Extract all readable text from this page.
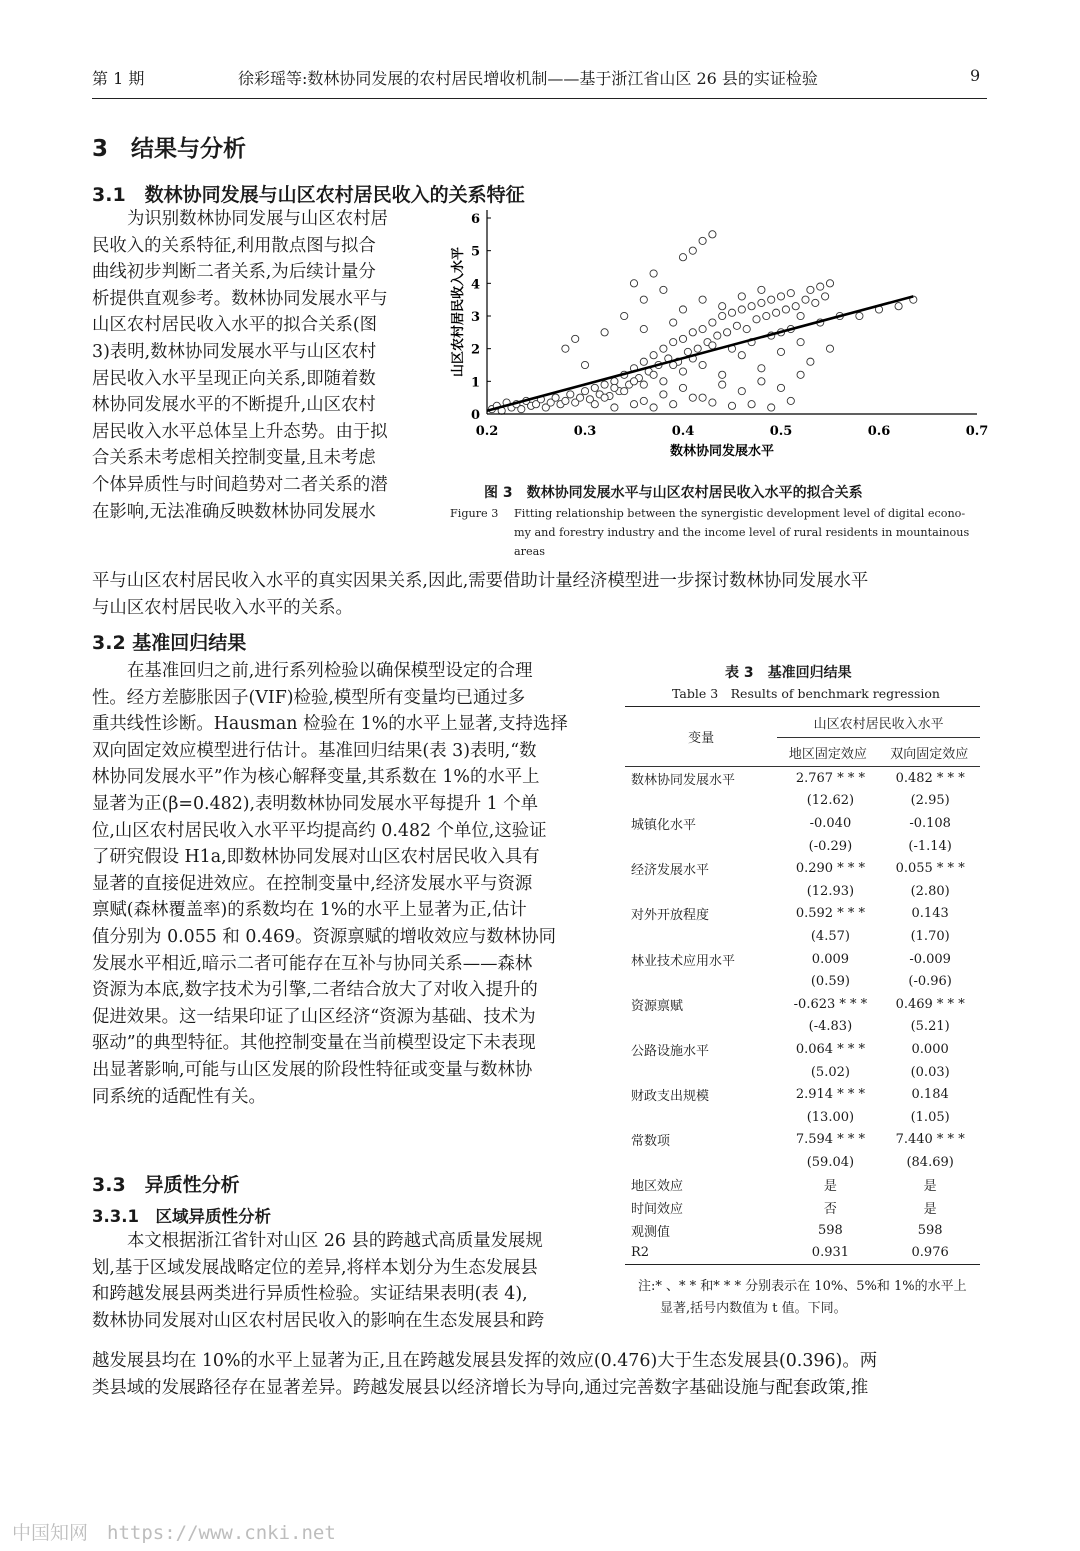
第 1 期	徐彩瑶等:数林协同发展的农村居民增收机制——基于浙江省山区 26 县的实证检验	9
3　结果与分析
3.1　数林协同发展与山区农村居民收入的关系特征
为识别数林协同发展与山区农村居
民收入的关系特征,利用散点图与拟合
曲线初步判断二者关系,为后续计量分
析提供直观参考。数林协同发展水平与
山区农村居民收入水平的拟合关系(图
3)表明,数林协同发展水平与山区农村
居民收入水平呈现正向关系,即随着数
林协同发展水平的不断提升,山区农村
居民收入水平总体呈上升态势。由于拟
合关系未考虑相关控制变量,且未考虑
个体异质性与时间趋势对二者关系的潜
在影响,无法准确反映数林协同发展水
平与山区农村居民收入水平的真实因果关系,因此,需要借助计量经济模型进一步探讨数林协同发展水平
与山区农村居民收入水平的关系。
0.2	0.3	0.4	0.5	0.6	0.7
0
1
2
3
4
5
6
数林协同发展水平
山区农村居民收入水平
图 3　数林协同发展水平与山区农村居民收入水平的拟合关系
Figure 3 Fitting relationship between the synergistic development level of digital econo-
my and forestry industry and the income level of rural residents in mountainous
areas
3.2 基准回归结果
在基准回归之前,进行系列检验以确保模型设定的合理
性。经方差膨胀因子(VIF)检验,模型所有变量均已通过多
重共线性诊断。Hausman 检验在 1%的水平上显著,支持选择
双向固定效应模型进行估计。基准回归结果(表 3)表明,“数
林协同发展水平”作为核心解释变量,其系数在 1%的水平上
显著为正(β=0.482),表明数林协同发展水平每提升 1 个单
位,山区农村居民收入水平平均提高约 0.482 个单位,这验证
了研究假设 H1a,即数林协同发展对山区农村居民收入具有
显著的直接促进效应。在控制变量中,经济发展水平与资源
禀赋(森林覆盖率)的系数均在 1%的水平上显著为正,估计
值分别为 0.055 和 0.469。资源禀赋的增收效应与数林协同
发展水平相近,暗示二者可能存在互补与协同关系——森林
资源为本底,数字技术为引擎,二者结合放大了对收入提升的
促进效果。这一结果印证了山区经济“资源为基础、技术为
驱动”的典型特征。其他控制变量在当前模型设定下未表现
出显著影响,可能与山区发展的阶段性特征或变量与数林协
同系统的适配性有关。
3.3　异质性分析
3.3.1　区域异质性分析
本文根据浙江省针对山区 26 县的跨越式高质量发展规
划,基于区域发展战略定位的差异,将样本划分为生态发展县
和跨越发展县两类进行异质性检验。实证结果表明(表 4),
数林协同发展对山区农村居民收入的影响在生态发展县和跨
越发展县均在 10%的水平上显著为正,且在跨越发展县发挥的效应(0.476)大于生态发展县(0.396)。两
类县域的发展路径存在显著差异。跨越发展县以经济增长为导向,通过完善数字基础设施与配套政策,推
表 3　基准回归结果
Table 3　Results of benchmark regression
变量	山区农村居民收入水平	
	地区固定效应	双向固定效应
数林协同发展水平	2.767 * * *	0.482 * * *
	(12.62)	(2.95)
城镇化水平	-0.040	-0.108
	(-0.29)	(-1.14)
经济发展水平	0.290 * * *	0.055 * * *
	(12.93)	(2.80)
对外开放程度	0.592 * * *	0.143
	(4.57)	(1.70)
林业技术应用水平	0.009	-0.009
	(0.59)	(-0.96)
资源禀赋	-0.623 * * *	0.469 * * *
	(-4.83)	(5.21)
公路设施水平	0.064 * * *	0.000
	(5.02)	(0.03)
财政支出规模	2.914 * * *	0.184
	(13.00)	(1.05)
常数项	7.594 * * *	7.440 * * *
	(59.04)	(84.69)
地区效应	是	是
时间效应	否	是
观测值	598	598
R2	0.931	0.976
注:* 、* * 和* * * 分别表示在 10%、5%和 1%的水平上
显著,括号内数值为 t 值。下同。
中国知网　https://www.cnki.net
